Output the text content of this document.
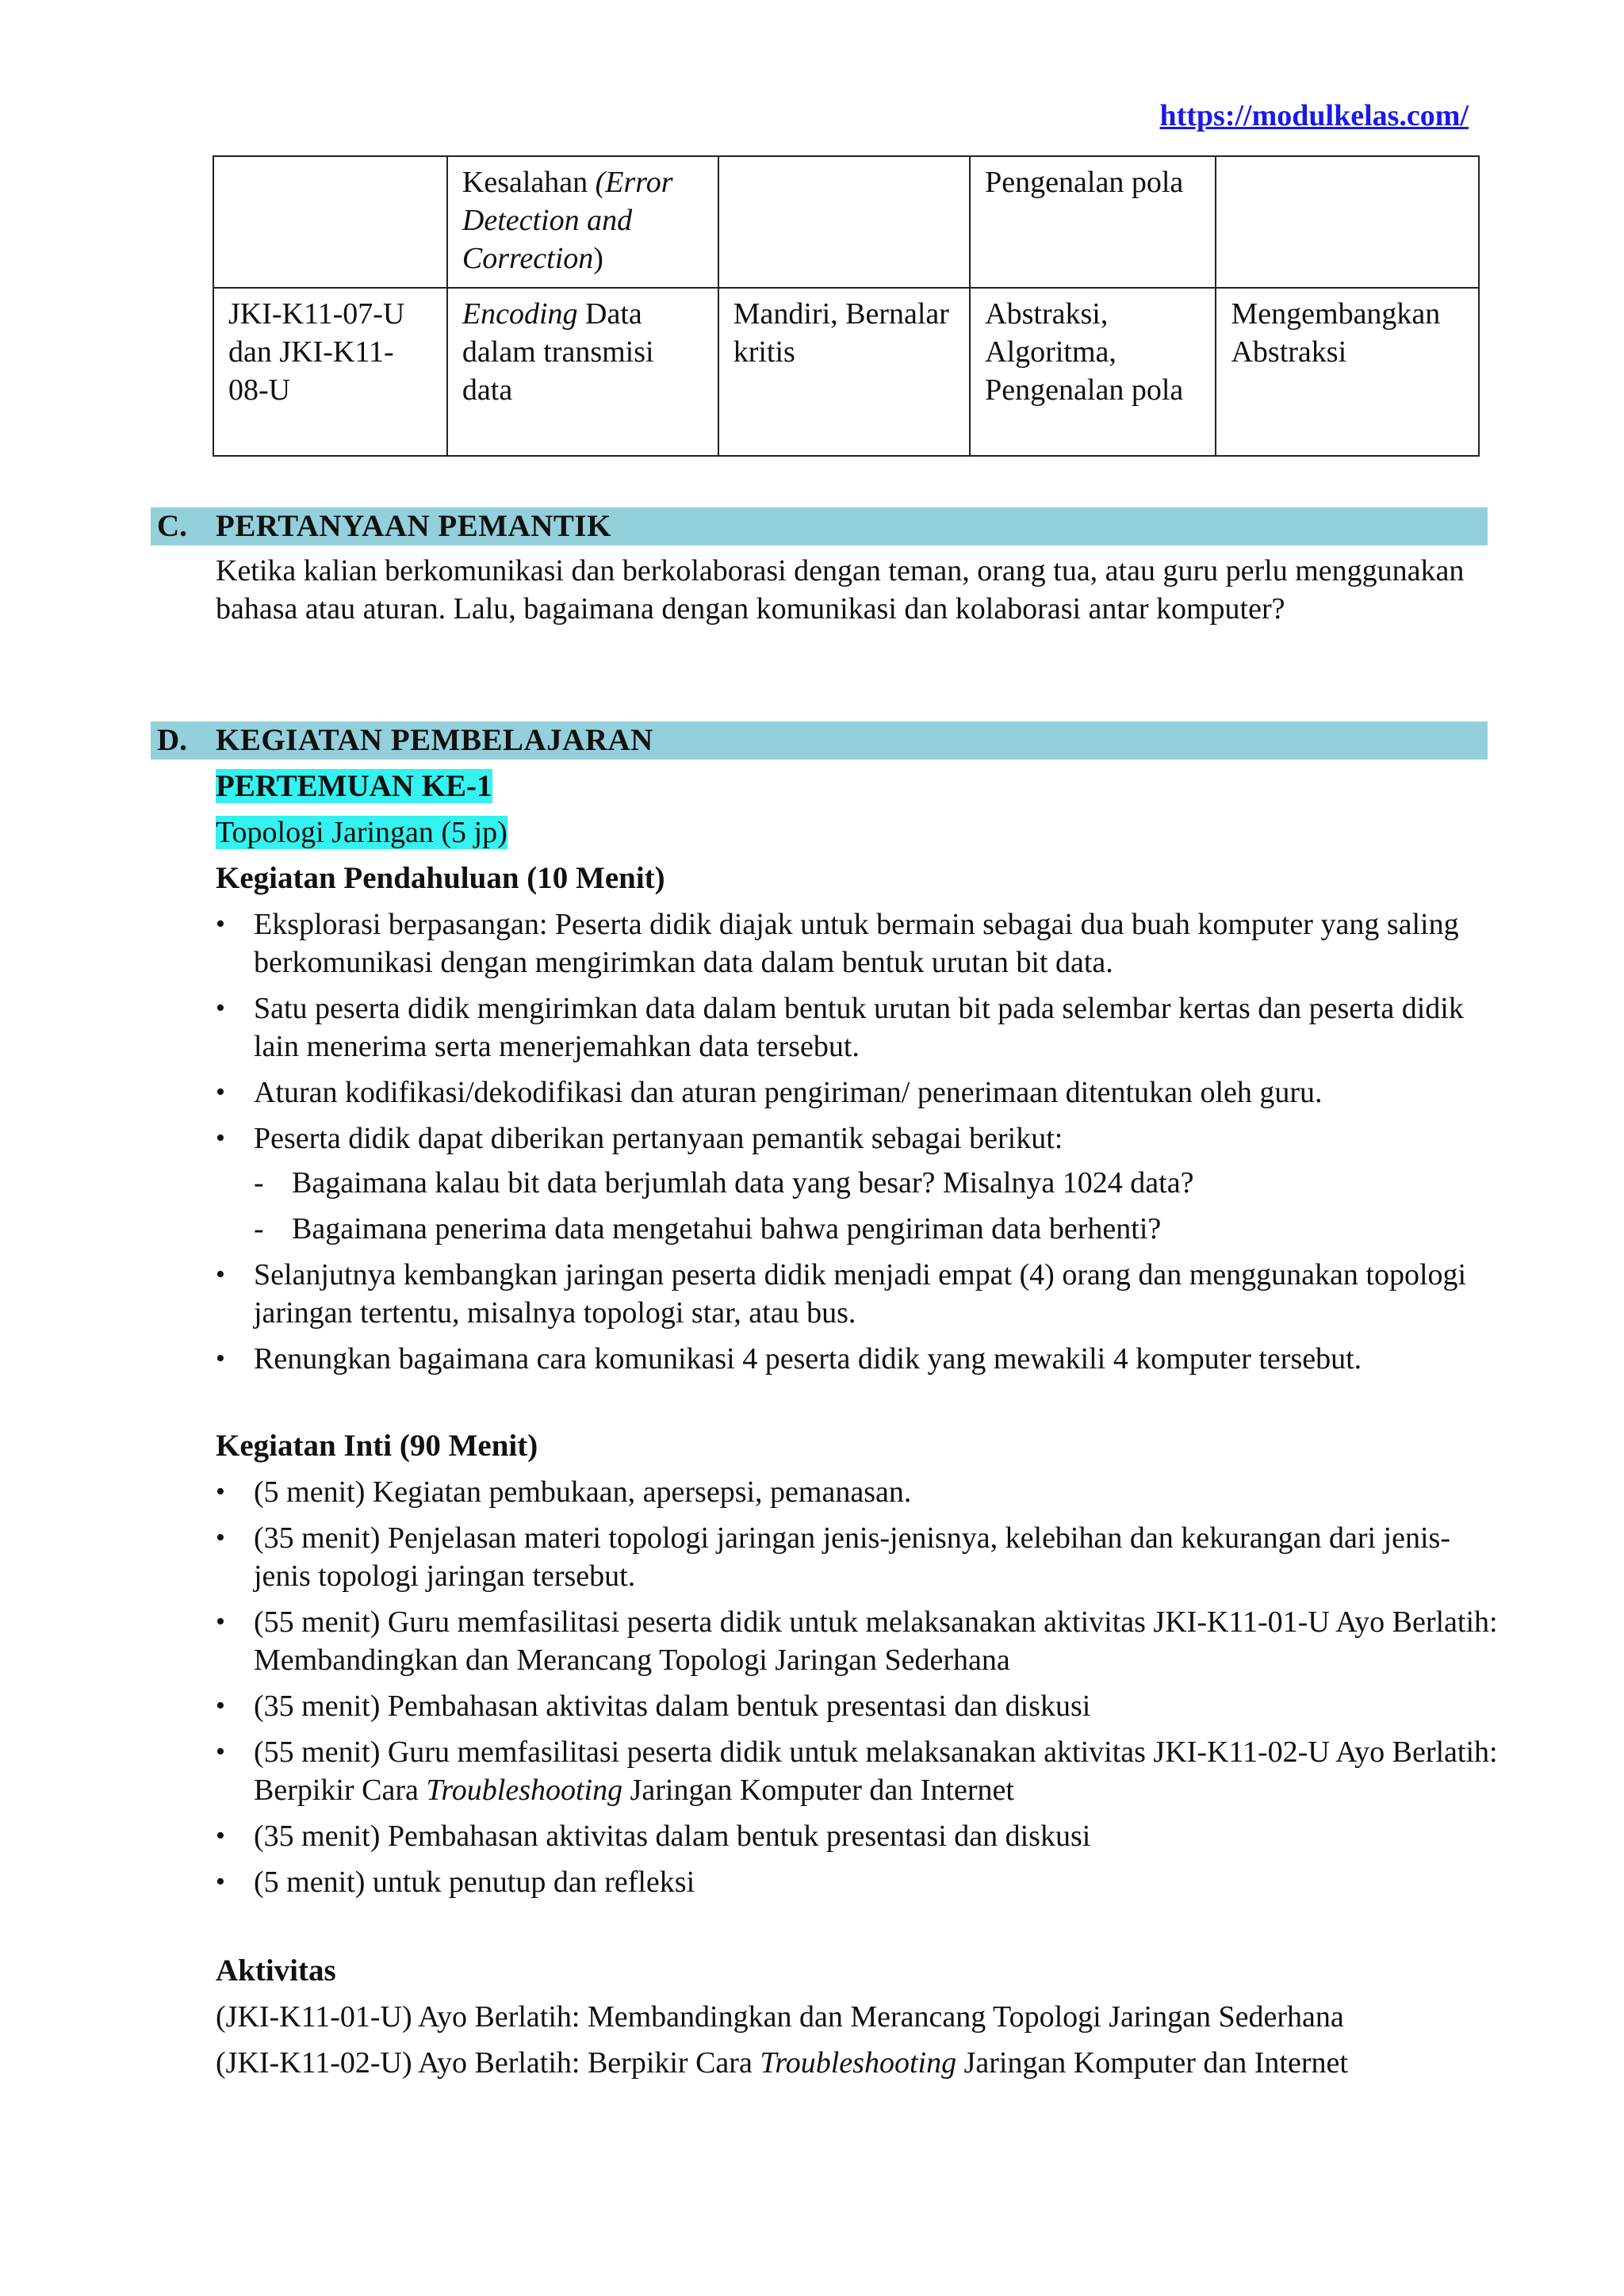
https://modulkelas.com/
	Kesalahan (Error Detection and Correction)		Pengenalan pola	
JKI-K11-07-U dan JKI-K11-08-U	Encoding Data dalam transmisi data	Mandiri, Bernalar kritis	Abstraksi, Algoritma, Pengenalan pola	Mengembangkan Abstraksi
C. PERTANYAAN PEMANTIK
Ketika kalian berkomunikasi dan berkolaborasi dengan teman, orang tua, atau guru perlu menggunakan bahasa atau aturan. Lalu, bagaimana dengan komunikasi dan kolaborasi antar komputer?
D. KEGIATAN PEMBELAJARAN
PERTEMUAN KE-1
Topologi Jaringan (5 jp)
Kegiatan Pendahuluan (10 Menit)
• Eksplorasi berpasangan: Peserta didik diajak untuk bermain sebagai dua buah komputer yang saling berkomunikasi dengan mengirimkan data dalam bentuk urutan bit data.
• Satu peserta didik mengirimkan data dalam bentuk urutan bit pada selembar kertas dan peserta didik lain menerima serta menerjemahkan data tersebut.
• Aturan kodifikasi/dekodifikasi dan aturan pengiriman/ penerimaan ditentukan oleh guru.
• Peserta didik dapat diberikan pertanyaan pemantik sebagai berikut:
- Bagaimana kalau bit data berjumlah data yang besar? Misalnya 1024 data?
- Bagaimana penerima data mengetahui bahwa pengiriman data berhenti?
• Selanjutnya kembangkan jaringan peserta didik menjadi empat (4) orang dan menggunakan topologi jaringan tertentu, misalnya topologi star, atau bus.
• Renungkan bagaimana cara komunikasi 4 peserta didik yang mewakili 4 komputer tersebut.
Kegiatan Inti (90 Menit)
• (5 menit) Kegiatan pembukaan, apersepsi, pemanasan.
• (35 menit) Penjelasan materi topologi jaringan jenis-jenisnya, kelebihan dan kekurangan dari jenis-jenis topologi jaringan tersebut.
• (55 menit) Guru memfasilitasi peserta didik untuk melaksanakan aktivitas JKI-K11-01-U Ayo Berlatih: Membandingkan dan Merancang Topologi Jaringan Sederhana
• (35 menit) Pembahasan aktivitas dalam bentuk presentasi dan diskusi
• (55 menit) Guru memfasilitasi peserta didik untuk melaksanakan aktivitas JKI-K11-02-U Ayo Berlatih: Berpikir Cara Troubleshooting Jaringan Komputer dan Internet
• (35 menit) Pembahasan aktivitas dalam bentuk presentasi dan diskusi
• (5 menit) untuk penutup dan refleksi
Aktivitas
(JKI-K11-01-U) Ayo Berlatih: Membandingkan dan Merancang Topologi Jaringan Sederhana
(JKI-K11-02-U) Ayo Berlatih: Berpikir Cara Troubleshooting Jaringan Komputer dan Internet
